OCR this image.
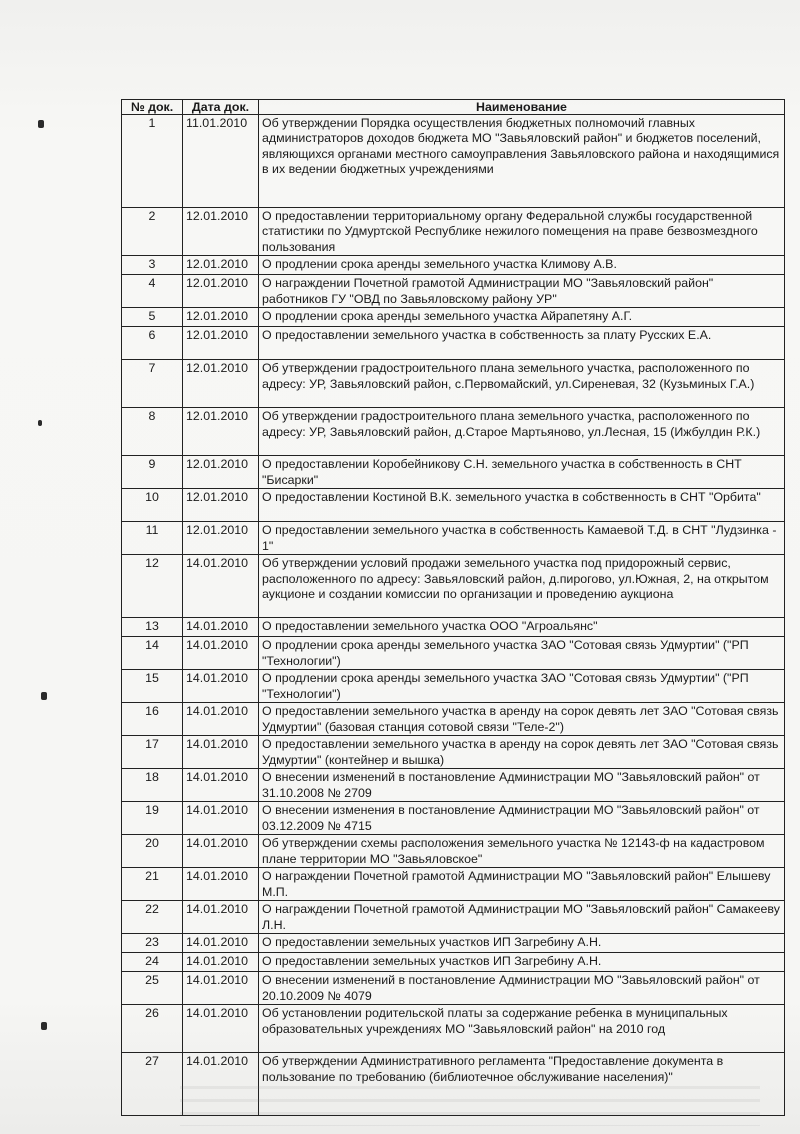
№ док.	Дата док.	Наименование
1	11.01.2010	Об утверждении Порядка осуществления бюджетных полномочий главных администраторов доходов бюджета МО "Завьяловский район" и бюджетов поселений, являющихся органами местного самоуправления Завьяловского района и находящимися в их ведении бюджетных учреждениями
2	12.01.2010	О предоставлении территориальному органу Федеральной службы государственной статистики по Удмуртской Республике нежилого помещения на праве безвозмездного пользования
3	12.01.2010	О продлении срока аренды земельного участка Климову А.В.
4	12.01.2010	О награждении Почетной грамотой Администрации МО "Завьяловский район" работников ГУ "ОВД по Завьяловскому району УР"
5	12.01.2010	О продлении срока аренды земельного участка Айрапетяну А.Г.
6	12.01.2010	О предоставлении земельного участка в собственность за плату Русских Е.А.
7	12.01.2010	Об утверждении градостроительного плана земельного участка, расположенного по адресу: УР, Завьяловский район, с.Первомайский, ул.Сиреневая, 32 (Кузьминых Г.А.)
8	12.01.2010	Об утверждении градостроительного плана земельного участка, расположенного по адресу: УР, Завьяловский район, д.Старое Мартьяново, ул.Лесная, 15 (Ижбулдин Р.К.)
9	12.01.2010	О предоставлении Коробейникову С.Н. земельного участка в собственность в СНТ "Бисарки"
10	12.01.2010	О предоставлении Костиной В.К. земельного участка в собственность в СНТ "Орбита"
11	12.01.2010	О предоставлении земельного участка в собственность Камаевой Т.Д. в СНТ "Лудзинка - 1"
12	14.01.2010	Об утверждении условий продажи земельного участка под придорожный сервис, расположенного по адресу: Завьяловский район, д.пирогово, ул.Южная, 2, на открытом аукционе и создании комиссии по организации и проведению аукциона
13	14.01.2010	О предоставлении земельного участка ООО "Агроальянс"
14	14.01.2010	О продлении срока аренды земельного участка ЗАО "Сотовая связь Удмуртии" ("РП "Технологии")
15	14.01.2010	О продлении срока аренды земельного участка ЗАО "Сотовая связь Удмуртии" ("РП "Технологии")
16	14.01.2010	О предоставлении земельного участка в аренду на сорок девять лет ЗАО "Сотовая связь Удмуртии" (базовая станция сотовой связи "Теле-2")
17	14.01.2010	О предоставлении земельного участка в аренду на сорок девять лет ЗАО "Сотовая связь Удмуртии" (контейнер и вышка)
18	14.01.2010	О внесении изменений в постановление Администрации МО "Завьяловский район" от 31.10.2008 № 2709
19	14.01.2010	О внесении изменения в постановление Администрации МО "Завьяловский район" от 03.12.2009 № 4715
20	14.01.2010	Об утверждении схемы расположения земельного участка № 12143-ф на кадастровом плане территории МО "Завьяловское"
21	14.01.2010	О награждении Почетной грамотой Администрации МО "Завьяловский район" Елышеву М.П.
22	14.01.2010	О награждении Почетной грамотой Администрации МО "Завьяловский район" Самакееву Л.Н.
23	14.01.2010	О предоставлении земельных участков ИП Загребину А.Н.
24	14.01.2010	О предоставлении земельных участков ИП Загребину А.Н.
25	14.01.2010	О внесении изменений в постановление Администрации МО "Завьяловский район" от 20.10.2009 № 4079
26	14.01.2010	Об установлении родительской платы за содержание ребенка в муниципальных образовательных учреждениях МО "Завьяловский район" на 2010 год
27	14.01.2010	Об утверждении Административного регламента "Предоставление документа в пользование по требованию (библиотечное обслуживание населения)"
